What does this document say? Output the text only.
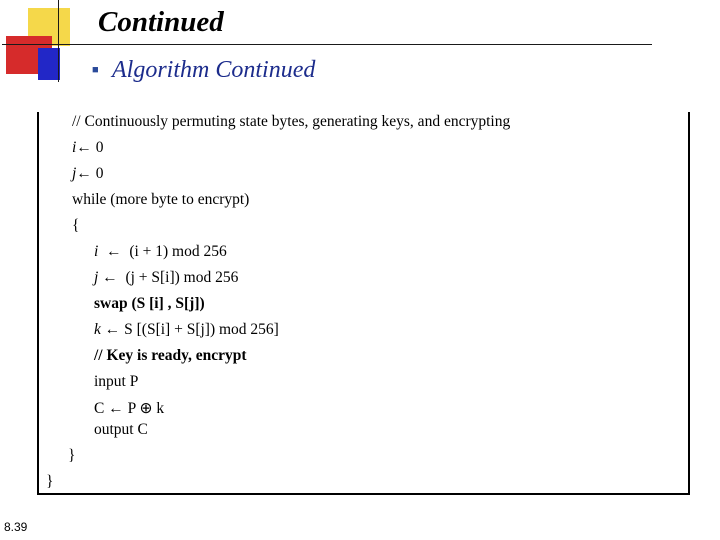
Continued
■ Algorithm Continued
// Continuously permuting state bytes, generating keys, and encrypting
i← 0
j← 0
while (more byte to encrypt)
{
i ← (i + 1) mod 256
j ← (j + S[i]) mod 256
swap (S [i] , S[j])
k ← S [(S[i] + S[j]) mod 256]
// Key is ready, encrypt
input P
C ← P ⊕ k
output C
}
}
8.39
